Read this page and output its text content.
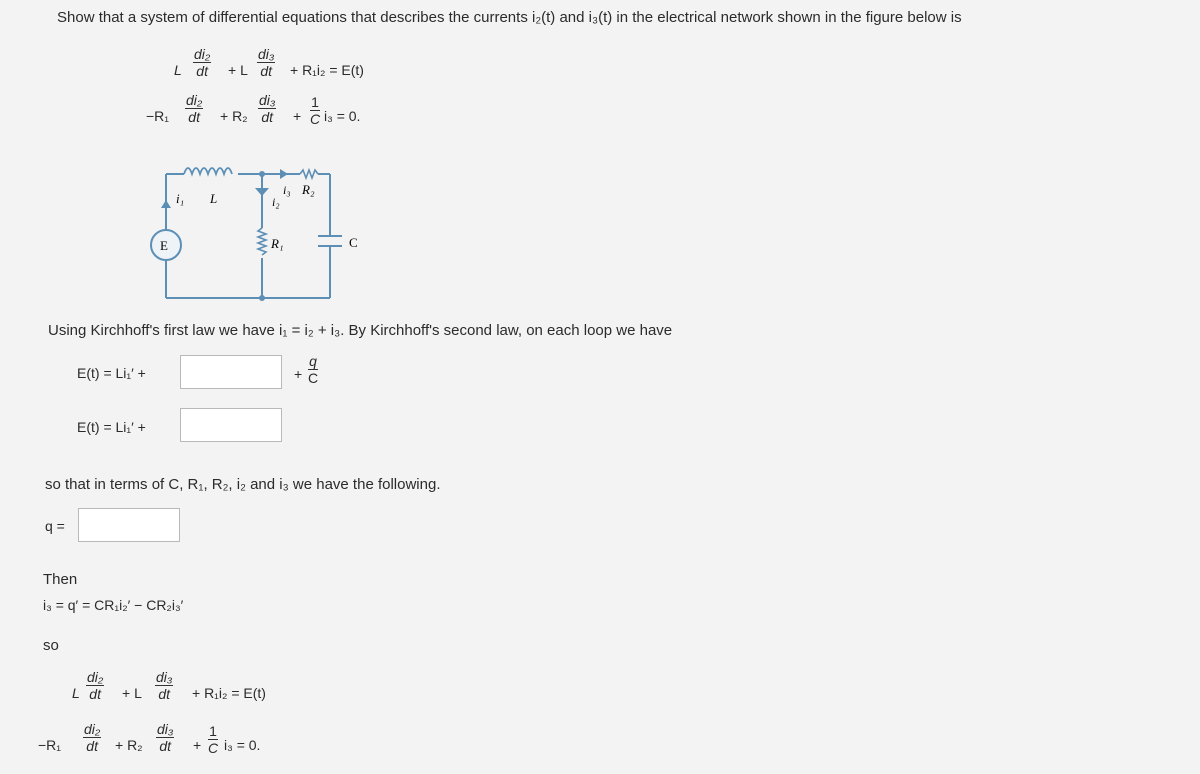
Show that a system of differential equations that describes the currents i₂(t) and i₃(t) in the electrical network shown in the figure below is
L $\frac{\text{di₂}}{dt} + L \frac{\text{di₃}}{dt} + R_1i_2 = E(t)$
$-R_1 \frac{\text{di₂}}{dt} + R_2 \frac{\text{di₃}}{dt} + \frac{1}{C} i_3 = 0$.
i₁ L
E
i₃ R₂
i₂
R₁	C
Using Kirchhoff's first law we have i₁ = i₂ + i₃. By Kirchhoff's second law, on each loop we have
E(t) = Li₁′ +	+ $\frac{q}{C}$
E(t) = Li₁′ +
so that in terms of C, R₁, R₂, i₂ and i₃ we have the following.
q =
Then
i₃ = q′ = CR₁i₂′ − CR₂i₃′
so
L $\frac{\text{di₂}}{dt} + L \frac{\text{di₃}}{dt} + R_1i_2 = E(t)$
$-R_1 \frac{\text{di₂}}{dt} + R_2 \frac{\text{di₃}}{dt} + \frac{1}{C} i_3 = 0$.
